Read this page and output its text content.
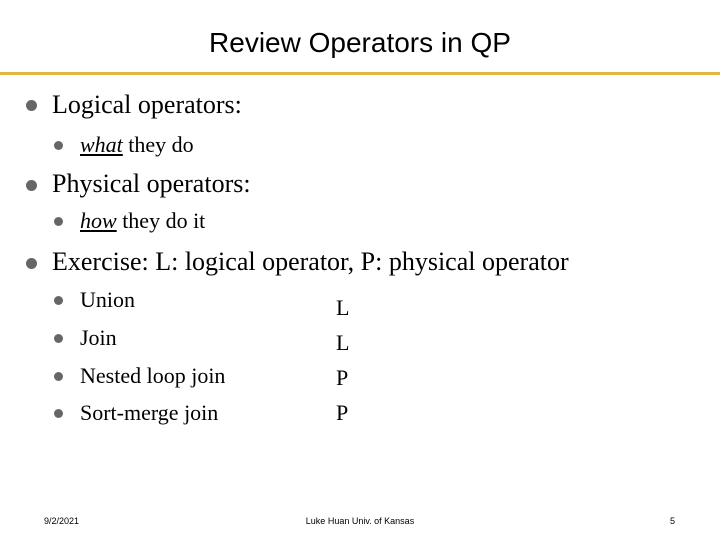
Review Operators in QP
Logical operators:
what they do
Physical operators:
how they do it
Exercise: L: logical operator, P: physical operator
Union	L
Join	L
Nested loop join	P
Sort-merge join	P
9/2/2021	Luke Huan Univ. of Kansas	5
